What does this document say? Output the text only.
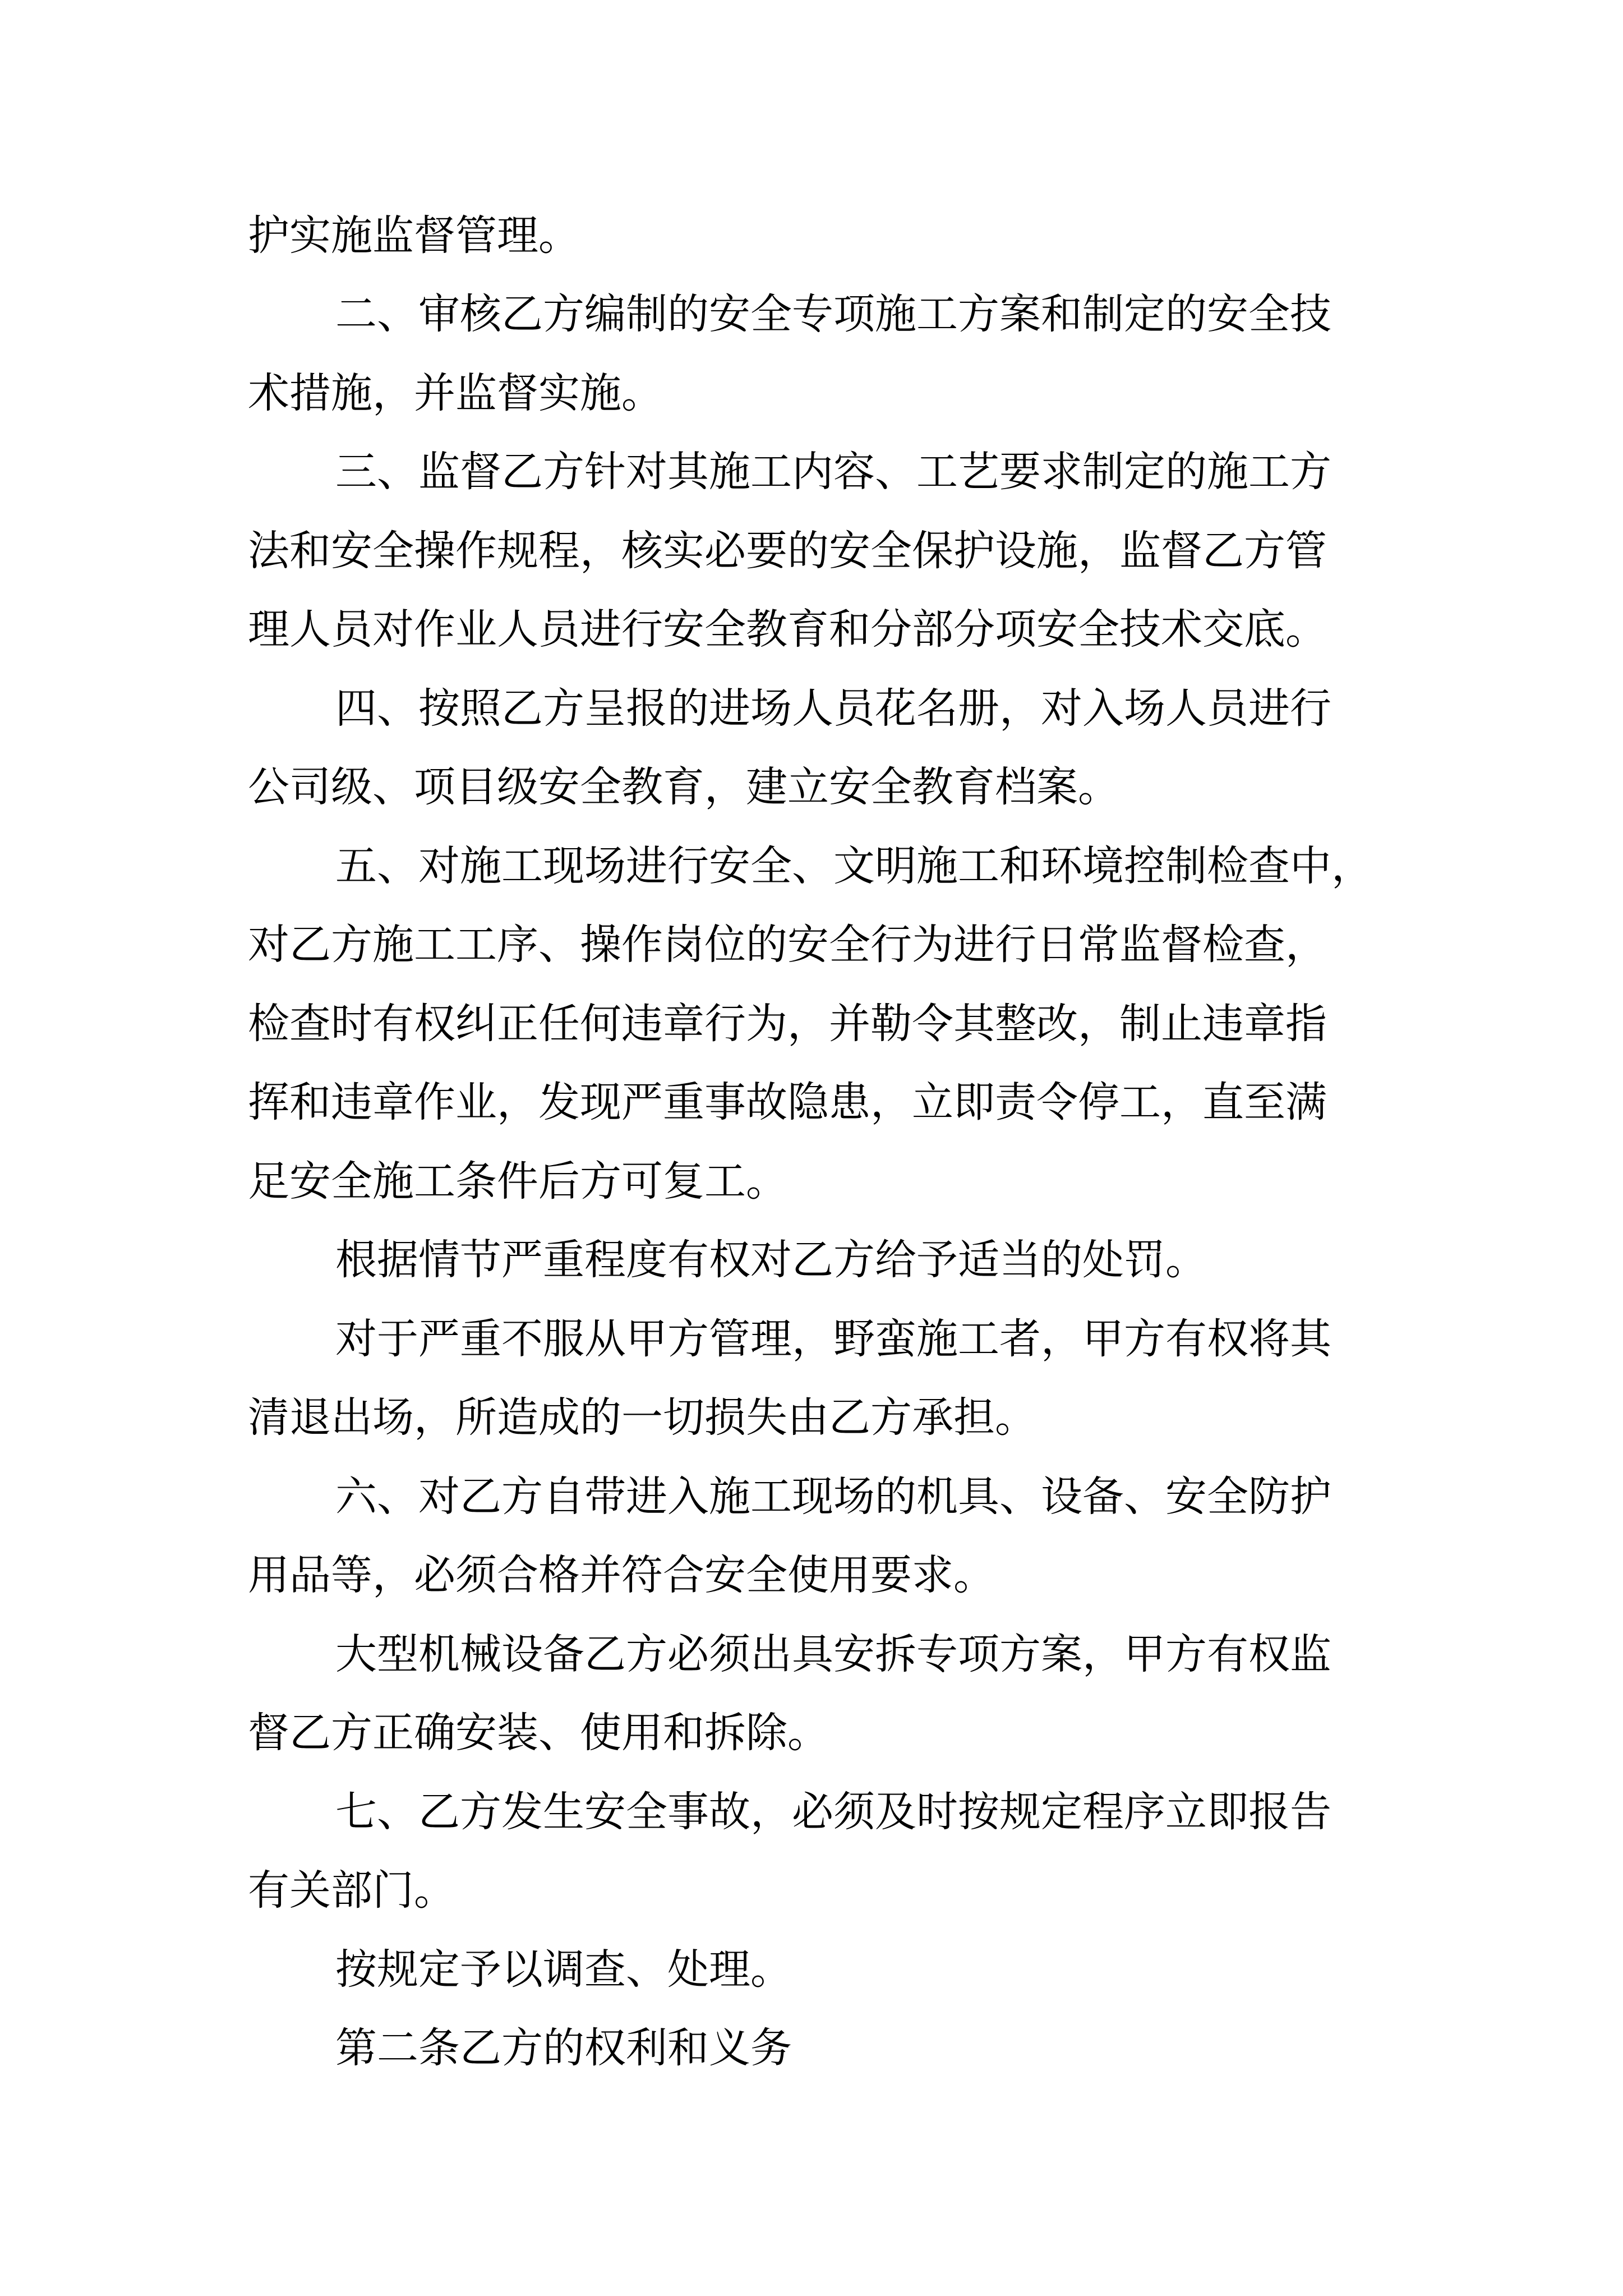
护实施监督管理。
二、审核乙方编制的安全专项施工方案和制定的安全技
术措施，并监督实施。
三、监督乙方针对其施工内容、工艺要求制定的施工方
法和安全操作规程，核实必要的安全保护设施，监督乙方管
理人员对作业人员进行安全教育和分部分项安全技术交底。
四、按照乙方呈报的进场人员花名册，对入场人员进行
公司级、项目级安全教育，建立安全教育档案。
五、对施工现场进行安全、文明施工和环境控制检查中，
对乙方施工工序、操作岗位的安全行为进行日常监督检查，
检查时有权纠正任何违章行为，并勒令其整改，制止违章指
挥和违章作业，发现严重事故隐患，立即责令停工，直至满
足安全施工条件后方可复工。
根据情节严重程度有权对乙方给予适当的处罚。
对于严重不服从甲方管理，野蛮施工者，甲方有权将其
清退出场，所造成的一切损失由乙方承担。
六、对乙方自带进入施工现场的机具、设备、安全防护
用品等，必须合格并符合安全使用要求。
大型机械设备乙方必须出具安拆专项方案，甲方有权监
督乙方正确安装、使用和拆除。
七、乙方发生安全事故，必须及时按规定程序立即报告
有关部门。
按规定予以调查、处理。
第二条乙方的权利和义务
